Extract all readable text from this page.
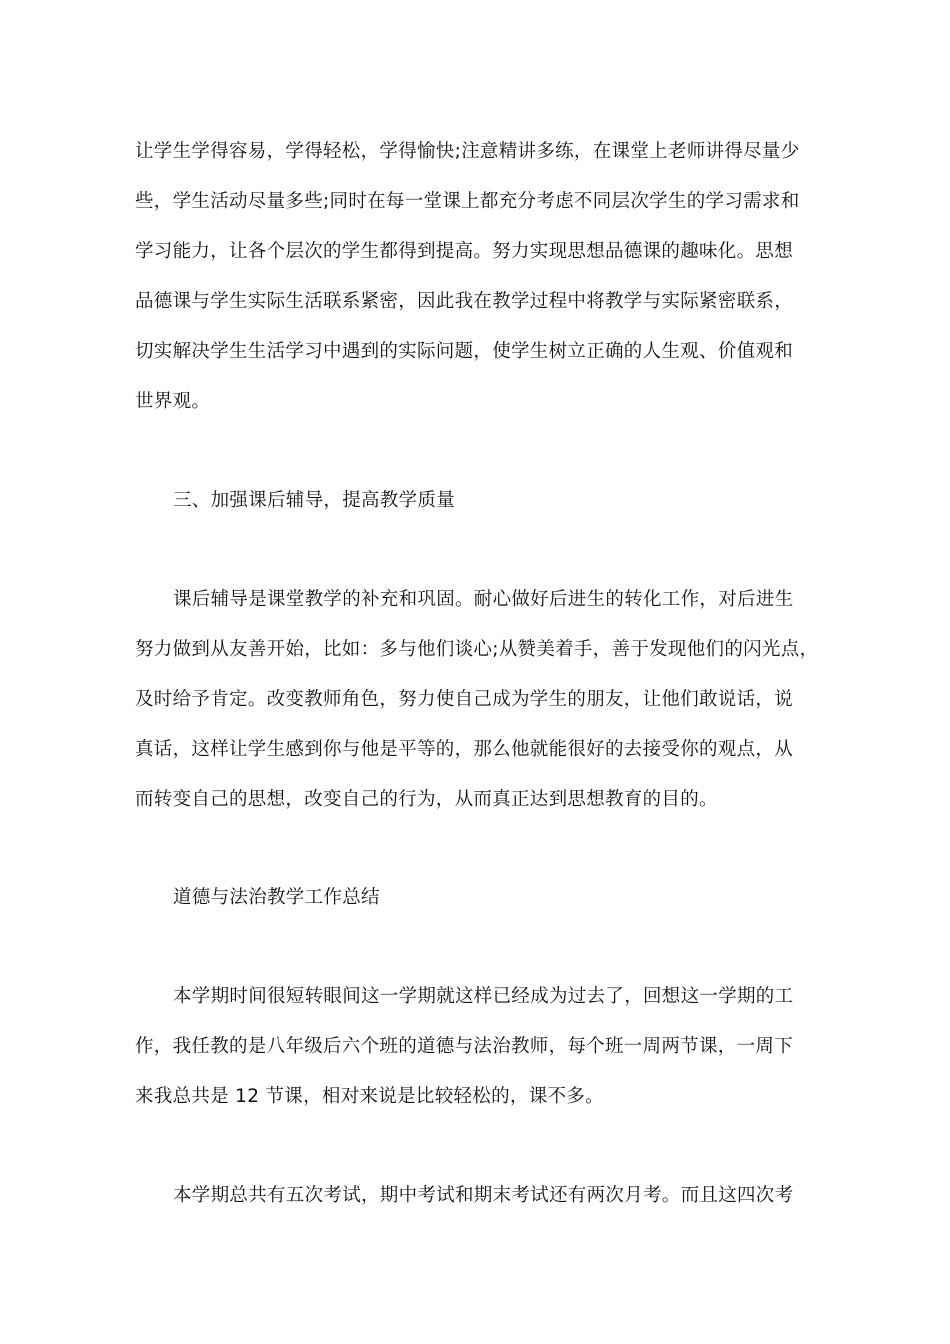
让学生学得容易，学得轻松，学得愉快;注意精讲多练，在课堂上老师讲得尽量少
些，学生活动尽量多些;同时在每一堂课上都充分考虑不同层次学生的学习需求和
学习能力，让各个层次的学生都得到提高。努力实现思想品德课的趣味化。思想
品德课与学生实际生活联系紧密，因此我在教学过程中将教学与实际紧密联系，
切实解决学生生活学习中遇到的实际问题，使学生树立正确的人生观、价值观和
世界观。
三、加强课后辅导，提高教学质量
课后辅导是课堂教学的补充和巩固。耐心做好后进生的转化工作，对后进生
努力做到从友善开始，比如：多与他们谈心;从赞美着手，善于发现他们的闪光点，
及时给予肯定。改变教师角色，努力使自己成为学生的朋友，让他们敢说话，说
真话，这样让学生感到你与他是平等的，那么他就能很好的去接受你的观点，从
而转变自己的思想，改变自己的行为，从而真正达到思想教育的目的。
道德与法治教学工作总结
本学期时间很短转眼间这一学期就这样已经成为过去了，回想这一学期的工
作，我任教的是八年级后六个班的道德与法治教师，每个班一周两节课，一周下
来我总共是 12 节课，相对来说是比较轻松的，课不多。
本学期总共有五次考试，期中考试和期末考试还有两次月考。而且这四次考
